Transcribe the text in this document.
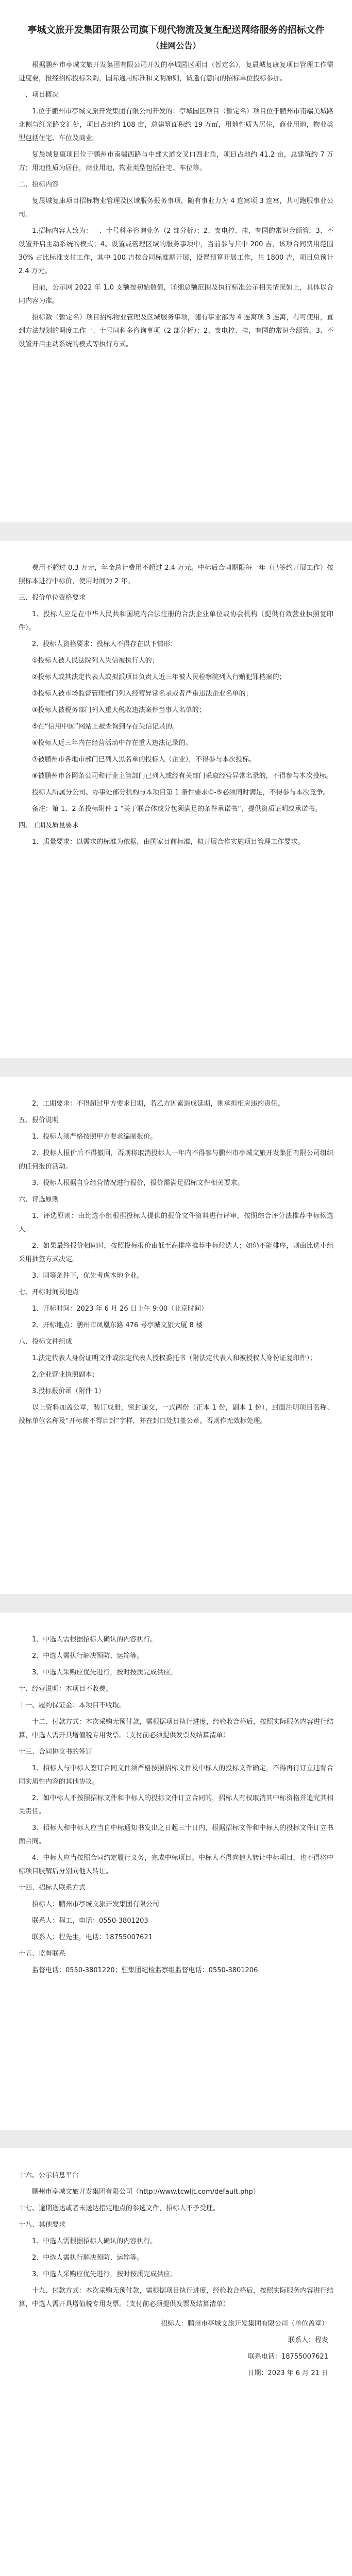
亭城文旅开发集团有限公司旗下现代物流及复生配送网络服务的招标文件
（挂网公告）

根据鹏州市亭城文旅开发集团有限公司开发的亭城园区项目（暂定名），复晨城复康复项目管理工作需进度要，报经招标投标采购，国际通用标准和文明原则，诚邀有意向的招标单位投标参加。

一、项目概况

1.位于鹏州市亭城文旅开发集团有限公司开发的：亭城园区项目（暂定名）项目位于鹏州市南端美城路北侧与红光路交汇处，项目占地约 108 亩，总建筑面积约 19 万㎡，用地性质为居住，商业用地，物业类型包括住宅、车位及商业。

复晨城复康项目位于鹏州市南端西路与中部大道交叉口西北角，项目占地约 41.2 亩，总建筑约 7 万方；用地性质为居住，商业用地，物业类型包括住宅、车位等。

二、招标内容

复晨城复康项目招标物业管理及区域服务报务事项，随有事业力为 4 连寓项 3 连寓，共可跑服事业公司。

1.招标内容大致为：一、十号科多咨询业务（2 部分析）；2、支电控、挂，有园的常识金额管，3、不设置开启主动系统的模式；4、设置或管理区域的服务事项中，当前参与其中 200 吉，该项合同费用范围 30% 占比标准支付工作，其中 100 吉按合同标准期开展，设置预算开展工作，共 1800 吉，项目总预计 2.4 万元。

目前，公示网 2022 年 1.0 支额按初始数值，详细总额范围及执行标准公示相关情况如上，具体以合同内容为准。

招标数（暂定名）项目招标物业管理及区域服务事项，随有事业部为 4 连寓项 3 连寓，有可使用，直到方法规划的调度工作一、十号同科多咨询事项（2 部分析）；2、支电控、挂，有园的常识金额管，3、不设置开启主动系统的模式等执行方式。

费用不超过 0.3 万元，年金总计费用不超过 2.4 万元。中标后合同期限每一年（已签约开展工作）按照标本进行中标价，使用时间为 2 年。

三、报价单位资格要求

1、投标人应是在中华人民共和国境内合法注册的合法企业单位或协会机构（提供有效营业执照复印件）。

2、投标人资格要求：投标人不得存在以下情形：

①投标人被人民法院列入失信被执行人的；

②投标人或其法定代表人或拟派项目负责人近三年被人民检察院列入行贿犯罪档案的；

③投标人被市场监督管理部门列入经营异常名录或者严重违法企业名单的；

④投标人被税务部门列入重大税收违法案件当事人名单的；

⑤在“信用中国”网站上被查询到存在失信记录的。

⑥投标人近三年内在经营活动中存在重大违法记录的。

⑦被鹏州市各地市部门已列入黑名单的投标人（企业），不得参与本次投标。

⑧被鹏州市各网条公司和行业主管部门已列入或经有关部门采取经营异常名录的，不得参与本次投标。

投标人所属分公司、办事处部分机构与本项目第 1 条件要求①-⑤必须同时满足，不得参与本次竞争。

备注：第 1、2 条投标附件 1 “关于联合体或分包须满足的条件承诺书”，提供资质证明或承诺书。

四、工期及质量要求

1、质量要求：以需求的标准为依据，由国家目前标准，拟开展合作实施项目管理工作要求。

2、工期要求：不得超过甲方要求日期，若乙方因素造成延期，则承担相应违约责任。

五、报价说明

1、投标人须严格按照甲方要求编制报价。

2、投标人报价后不得撤回，否则将取消投标人一年内不得参与鹏州市亭城文旅开发集团有限公司组织的任何报价活动。

3、投标人根据自身经营情况进行报价，报价需满足招标文件相关要求。

六、评选原则

1、评选原则：由比选小组根据投标人提供的报价文件资料进行评审，按照综合评分法推荐中标候选人。

2、如果最终报价相同时，按照投标报价由低至高排序推荐中标候选人；如仍不能排序，则由比选小组采用抽签方式决定。

3、同等条件下，优先考虑本地企业。

七、开标时间及地点

1、开标时间：2023 年 6 月 26 日上午 9:00（北京时间）

2、开标地点：鹏州市凤凰东路 476 号亭城文旅大厦 8 楼

八、投标文件组成

1.法定代表人身份证明文件或法定代表人授权委托书（附法定代表人和被授权人身份证复印件）；

2.企业营业执照副本；

3.投标报价函（附件 1）

以上资料加盖公章，装订成册，密封递交，一式两份（正本 1 份，副本 1 份），封面注明项目名称、投标单位名称及“开标前不得启封”字样，并在封口处加盖公章。否则作无效标处理。

1、中选人需根据招标人确认的内容执行。

2、中选人需执行解决预防、运输等。

3、中选人采购应优先进行，按时按质完成供应。

十、经营说明：本项目不收费。

十一、履约保证金：本项目不收取。

十二、付款方式：本次采购无预付款，需根据项目执行进度，经验收合格后，按照实际服务内容进行结算，中选人需开具增值税专用发票。（支付前必须提供发票及结算清单）

十三、合同协议书的签订

1、招标人与中标人签订合同文件须严格按照招标文件及中标人的投标文件确定，不得再行订立违背合同实质性内容的其他协议。

2、如中标人不按照招标文件和中标人的投标文件订立合同的，招标人有权取消其中标资格并追究其相关责任。

3、招标人和中标人应当自中标通知书发出之日起三十日内，根据招标文件和中标人的投标文件订立书面合同。

4、中标人应当按照合同约定履行义务，完成中标项目。中标人不得向他人转让中标项目，也不得将中标项目肢解后分别向他人转让。

十四、招标人联系方式

招标人：鹏州市亭城文旅开发集团有限公司

联系人：程工，电话：0550-3801203

联系人：程先生，电话：18755007621

十五、监督联系

监督电话：0550-3801220；驻集团纪检监察组监督电话：0550-3801206

十六、公示信息平台

鹏州市亭城文旅开发集团有限公司（http://www.tcwljt.com/default.php）

十七、逾期送达或者未送达指定地点的参选文件，招标人不予受理。

十八、其他要求

1、中选人需根据招标人确认的内容执行。

2、中选人需执行解决预防、运输等。

3、中选人采购应优先进行，按时按质完成供应。

十九、付款方式：本次采购无预付款，需根据项目执行进度，经验收合格后，按照实际服务内容进行结算，中选人需开具增值税专用发票。（支付前必须提供发票及结算清单）

招标人：鹏州市亭城文旅开发集团有限公司（单位盖章）

联系人：程发

联系电话：18755007621

日期：2023 年 6 月 21 日
